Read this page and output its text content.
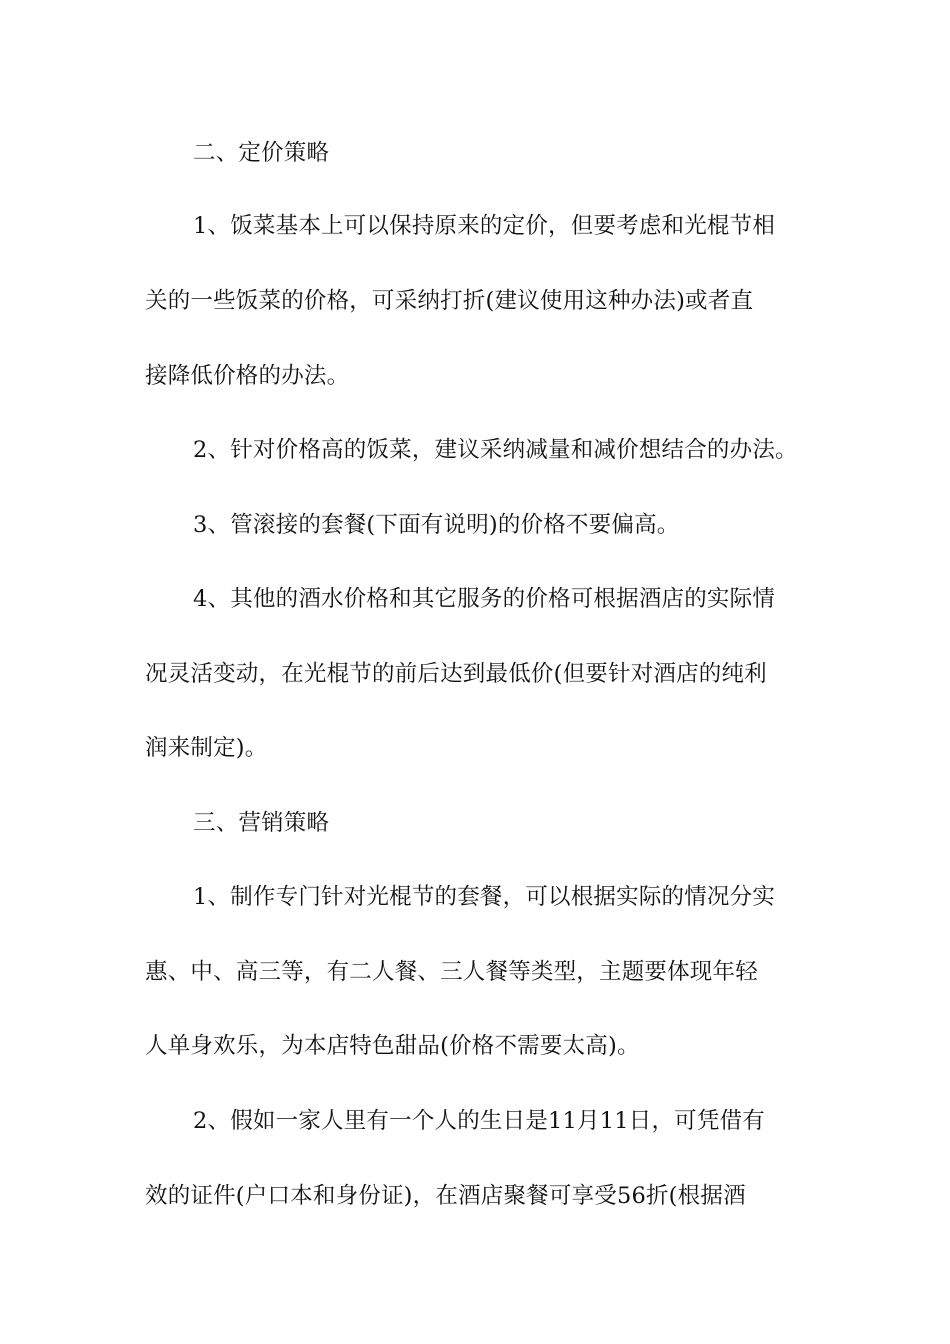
二、定价策略
1、饭菜基本上可以保持原来的定价，但要考虑和光棍节相
关的一些饭菜的价格，可采纳打折(建议使用这种办法)或者直
接降低价格的办法。
2、针对价格高的饭菜，建议采纳减量和减价想结合的办法。
3、管滚接的套餐(下面有说明)的价格不要偏高。
4、其他的酒水价格和其它服务的价格可根据酒店的实际情
况灵活变动，在光棍节的前后达到最低价(但要针对酒店的纯利
润来制定)。
三、营销策略
1、制作专门针对光棍节的套餐，可以根据实际的情况分实
惠、中、高三等，有二人餐、三人餐等类型，主题要体现年轻
人单身欢乐，为本店特色甜品(价格不需要太高)。
2、假如一家人里有一个人的生日是11月11日，可凭借有
效的证件(户口本和身份证)，在酒店聚餐可享受56折(根据酒
